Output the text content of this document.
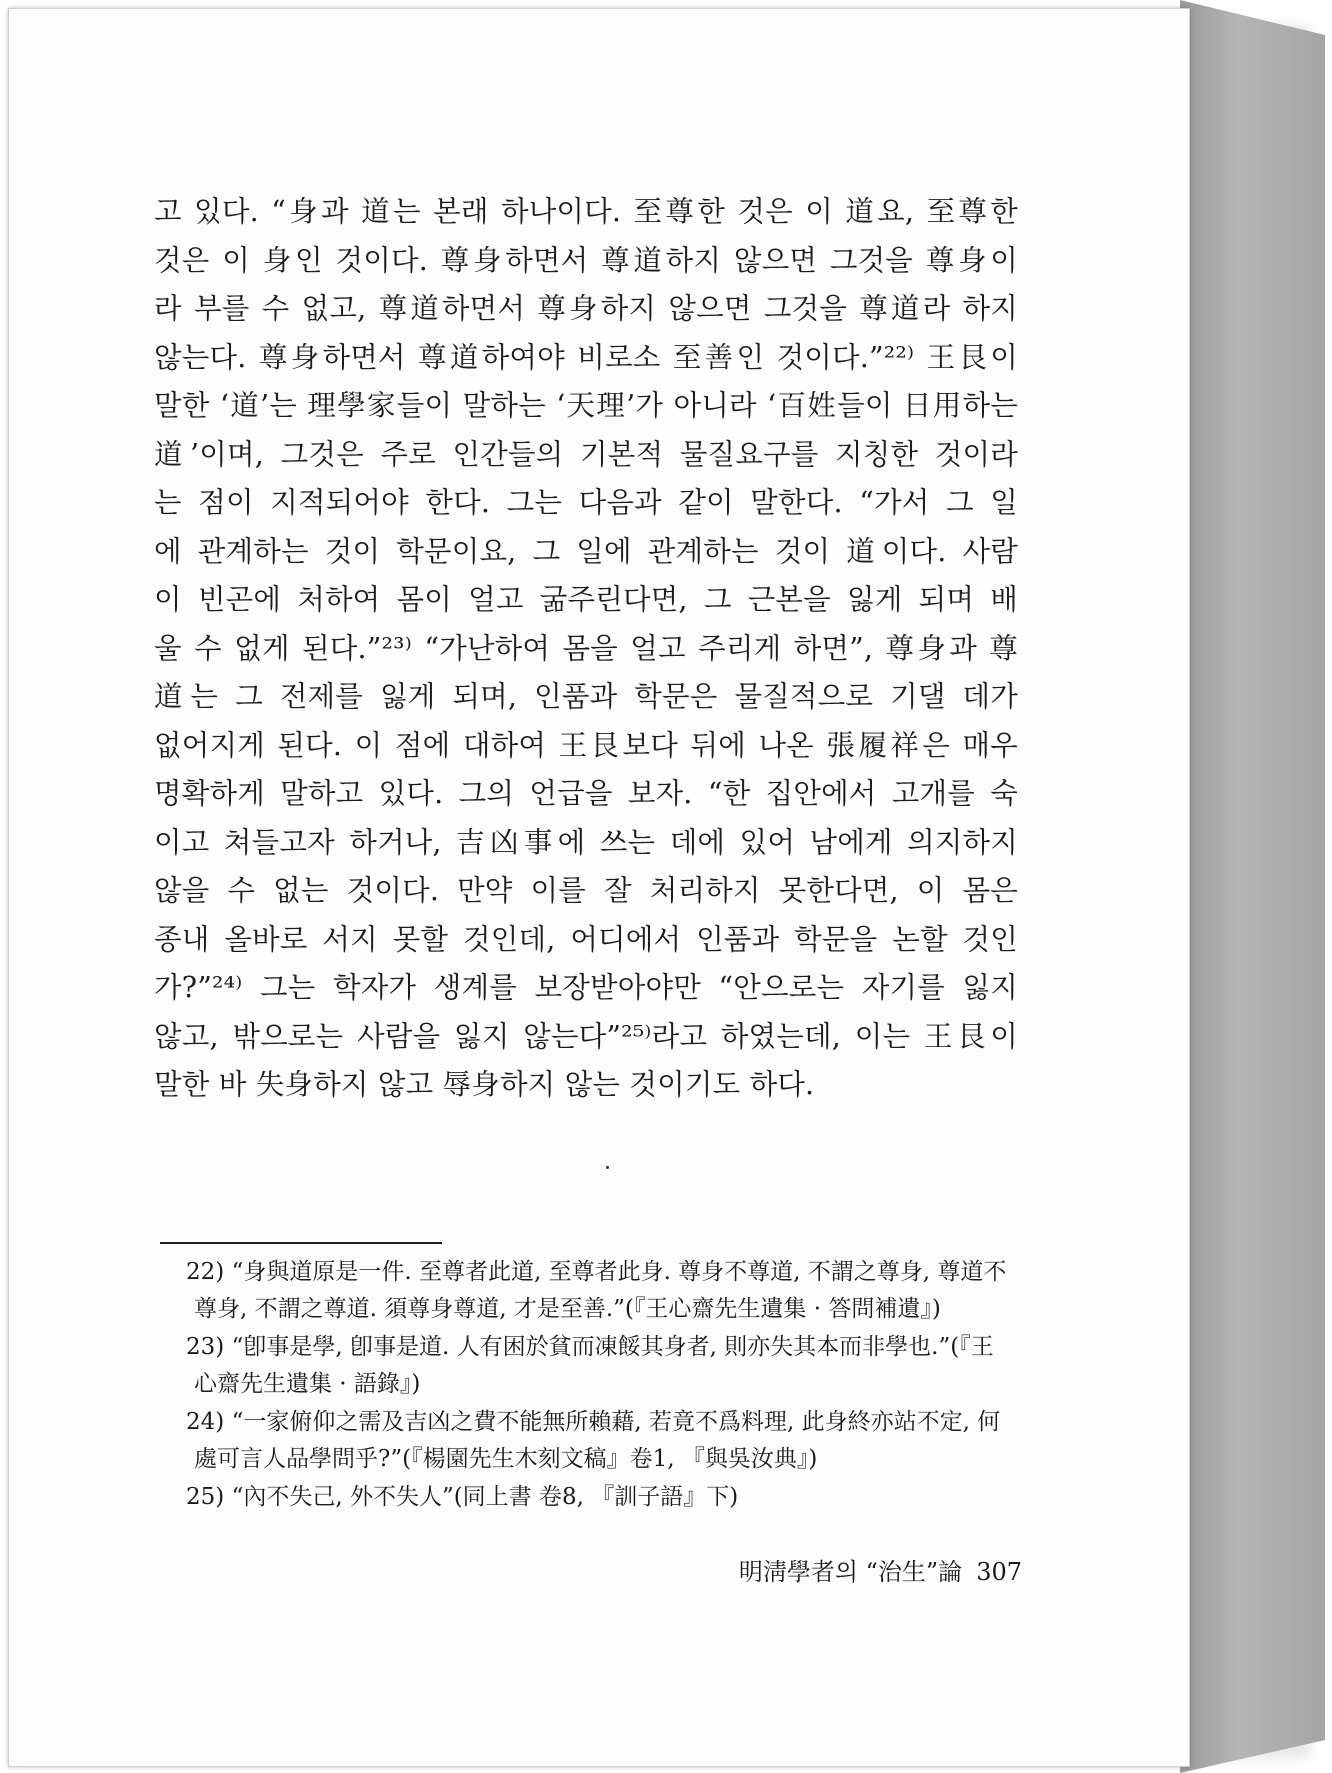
고 있다. “身과 道는 본래 하나이다. 至尊한 것은 이 道요, 至尊한
것은 이 身인 것이다. 尊身하면서 尊道하지 않으면 그것을 尊身이
라 부를 수 없고, 尊道하면서 尊身하지 않으면 그것을 尊道라 하지
않는다. 尊身하면서 尊道하여야 비로소 至善인 것이다.”²²⁾ 王艮이
말한 ‘道’는 理學家들이 말하는 ‘天理’가 아니라 ‘百姓들이 日用하는
道’이며, 그것은 주로 인간들의 기본적 물질요구를 지칭한 것이라
는 점이 지적되어야 한다. 그는 다음과 같이 말한다. “가서 그 일
에 관계하는 것이 학문이요, 그 일에 관계하는 것이 道이다. 사람
이 빈곤에 처하여 몸이 얼고 굶주린다면, 그 근본을 잃게 되며 배
울 수 없게 된다.”²³⁾ “가난하여 몸을 얼고 주리게 하면”, 尊身과 尊
道는 그 전제를 잃게 되며, 인품과 학문은 물질적으로 기댈 데가
없어지게 된다. 이 점에 대하여 王艮보다 뒤에 나온 張履祥은 매우
명확하게 말하고 있다. 그의 언급을 보자. “한 집안에서 고개를 숙
이고 쳐들고자 하거나, 吉凶事에 쓰는 데에 있어 남에게 의지하지
않을 수 없는 것이다. 만약 이를 잘 처리하지 못한다면, 이 몸은
종내 올바로 서지 못할 것인데, 어디에서 인품과 학문을 논할 것인
가?”²⁴⁾ 그는 학자가 생계를 보장받아야만 “안으로는 자기를 잃지
않고, 밖으로는 사람을 잃지 않는다”²⁵⁾라고 하였는데, 이는 王艮이
말한 바 失身하지 않고 辱身하지 않는 것이기도 하다.
22) “身與道原是一件. 至尊者此道, 至尊者此身. 尊身不尊道, 不謂之尊身, 尊道不
尊身, 不謂之尊道. 須尊身尊道, 才是至善.”(『王心齋先生遺集 · 答問補遺』)
23) “卽事是學, 卽事是道. 人有困於貧而凍餒其身者, 則亦失其本而非學也.”(『王
心齋先生遺集 · 語錄』)
24) “一家俯仰之需及吉凶之費不能無所賴藉, 若竟不爲料理, 此身終亦站不定, 何
處可言人品學問乎?”(『楊園先生木刻文稿』卷1, 『與吳汝典』)
25) “內不失己, 外不失人”(同上書 卷8, 『訓子語』下)
明淸學者의 “治生”論 307
